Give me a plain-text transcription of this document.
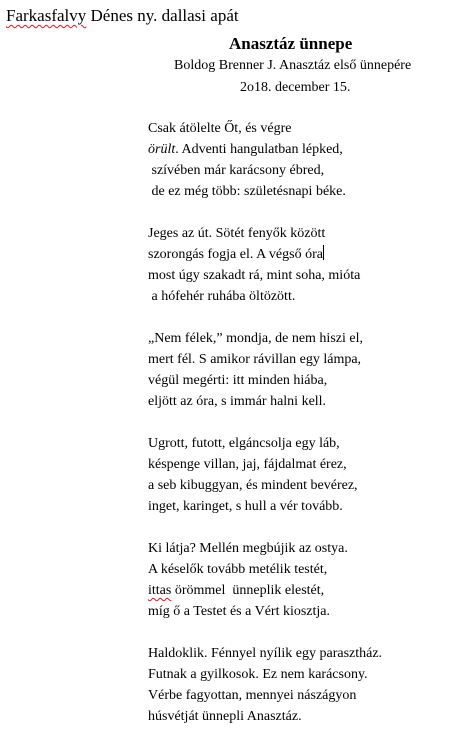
Farkasfalvy Dénes ny. dallasi apát
Anasztáz ünnepe
Boldog Brenner J. Anasztáz első ünnepére
2o18. december 15.
Csak átölelte Őt, és végre
örült. Adventi hangulatban lépked,
szívében már karácsony ébred,
de ez még több: születésnapi béke.
Jeges az út. Sötét fenyők között
szorongás fogja el. A végső óra
most úgy szakadt rá, mint soha, mióta
a hófehér ruhába öltözött.
„Nem félek,” mondja, de nem hiszi el,
mert fél. S amikor rávillan egy lámpa,
végül megérti: itt minden hiába,
eljött az óra, s immár halni kell.
Ugrott, futott, elgáncsolja egy láb,
késpenge villan, jaj, fájdalmat érez,
a seb kibuggyan, és mindent bevérez,
inget, karinget, s hull a vér tovább.
Ki látja? Mellén megbújik az ostya.
A késelők tovább metélik testét,
ittas örömmel  ünneplik elestét,
míg ő a Testet és a Vért kiosztja.
Haldoklik. Fénnyel nyílik egy parasztház.
Futnak a gyilkosok. Ez nem karácsony.
Vérbe fagyottan, mennyei nászágyon
húsvétját ünnepli Anasztáz.
